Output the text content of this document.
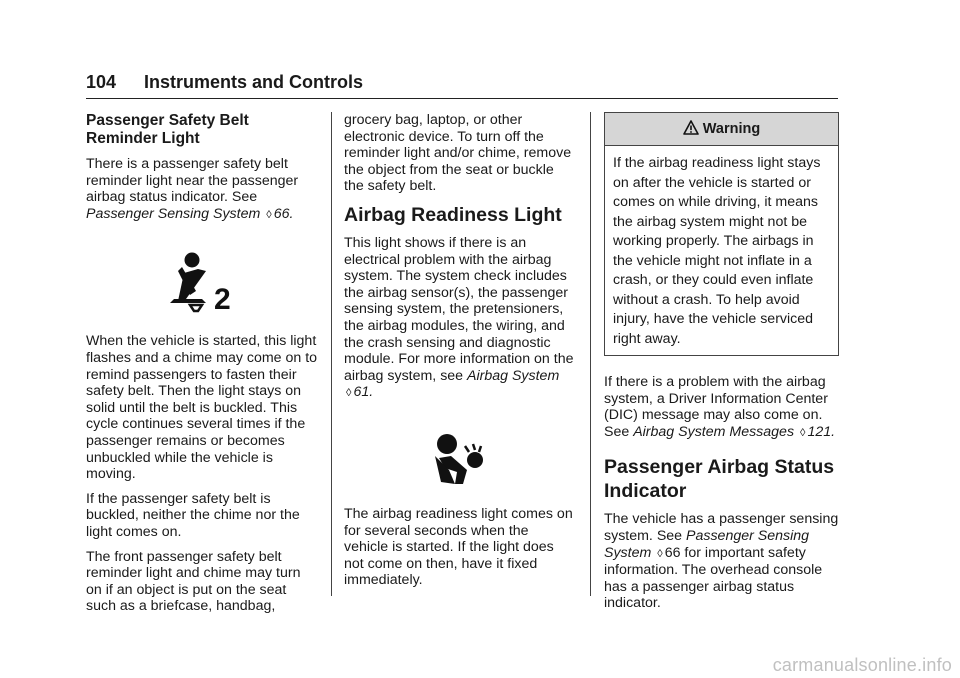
104 Instruments and Controls
Passenger Safety Belt Reminder Light

There is a passenger safety belt reminder light near the passenger airbag status indicator. See Passenger Sensing System ◊ 66.

2

When the vehicle is started, this light flashes and a chime may come on to remind passengers to fasten their safety belt. Then the light stays on solid until the belt is buckled. This cycle continues several times if the passenger remains or becomes unbuckled while the vehicle is moving.

If the passenger safety belt is buckled, neither the chime nor the light comes on.

The front passenger safety belt reminder light and chime may turn on if an object is put on the seat such as a briefcase, handbag,

grocery bag, laptop, or other electronic device. To turn off the reminder light and/or chime, remove the object from the seat or buckle the safety belt.

Airbag Readiness Light

This light shows if there is an electrical problem with the airbag system. The system check includes the airbag sensor(s), the passenger sensing system, the pretensioners, the airbag modules, the wiring, and the crash sensing and diagnostic module. For more information on the airbag system, see Airbag System ◊ 61.

The airbag readiness light comes on for several seconds when the vehicle is started. If the light does not come on then, have it fixed immediately.

Warning

If the airbag readiness light stays on after the vehicle is started or comes on while driving, it means the airbag system might not be working properly. The airbags in the vehicle might not inflate in a crash, or they could even inflate without a crash. To help avoid injury, have the vehicle serviced right away.

If there is a problem with the airbag system, a Driver Information Center (DIC) message may also come on. See Airbag System Messages ◊ 121.

Passenger Airbag Status Indicator

The vehicle has a passenger sensing system. See Passenger Sensing System ◊ 66 for important safety information. The overhead console has a passenger airbag status indicator.

carmanualsonline.info
